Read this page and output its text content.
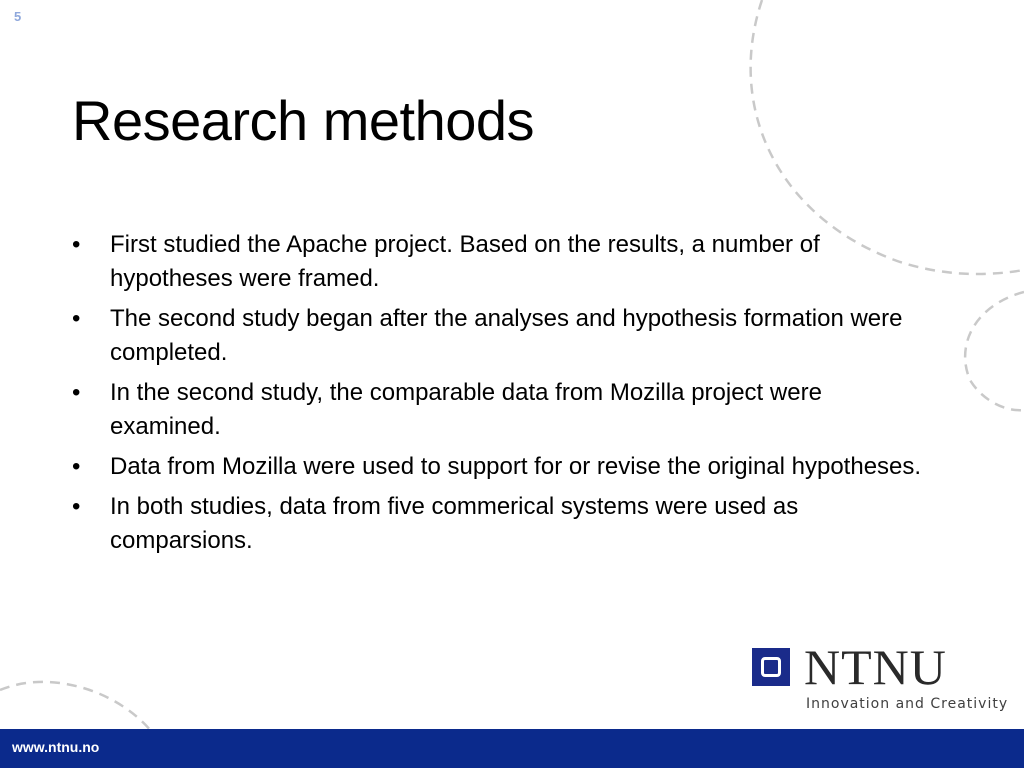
5
Research methods
• First studied the Apache project. Based on the results, a number of hypotheses were framed.
• The second study began after the analyses and hypothesis formation were completed.
• In the second study, the comparable data from Mozilla project were examined.
• Data from Mozilla were used to support for or revise the original hypotheses.
• In both studies, data from five commerical systems were used as comparsions.
NTNU
Innovation and Creativity
www.ntnu.no
